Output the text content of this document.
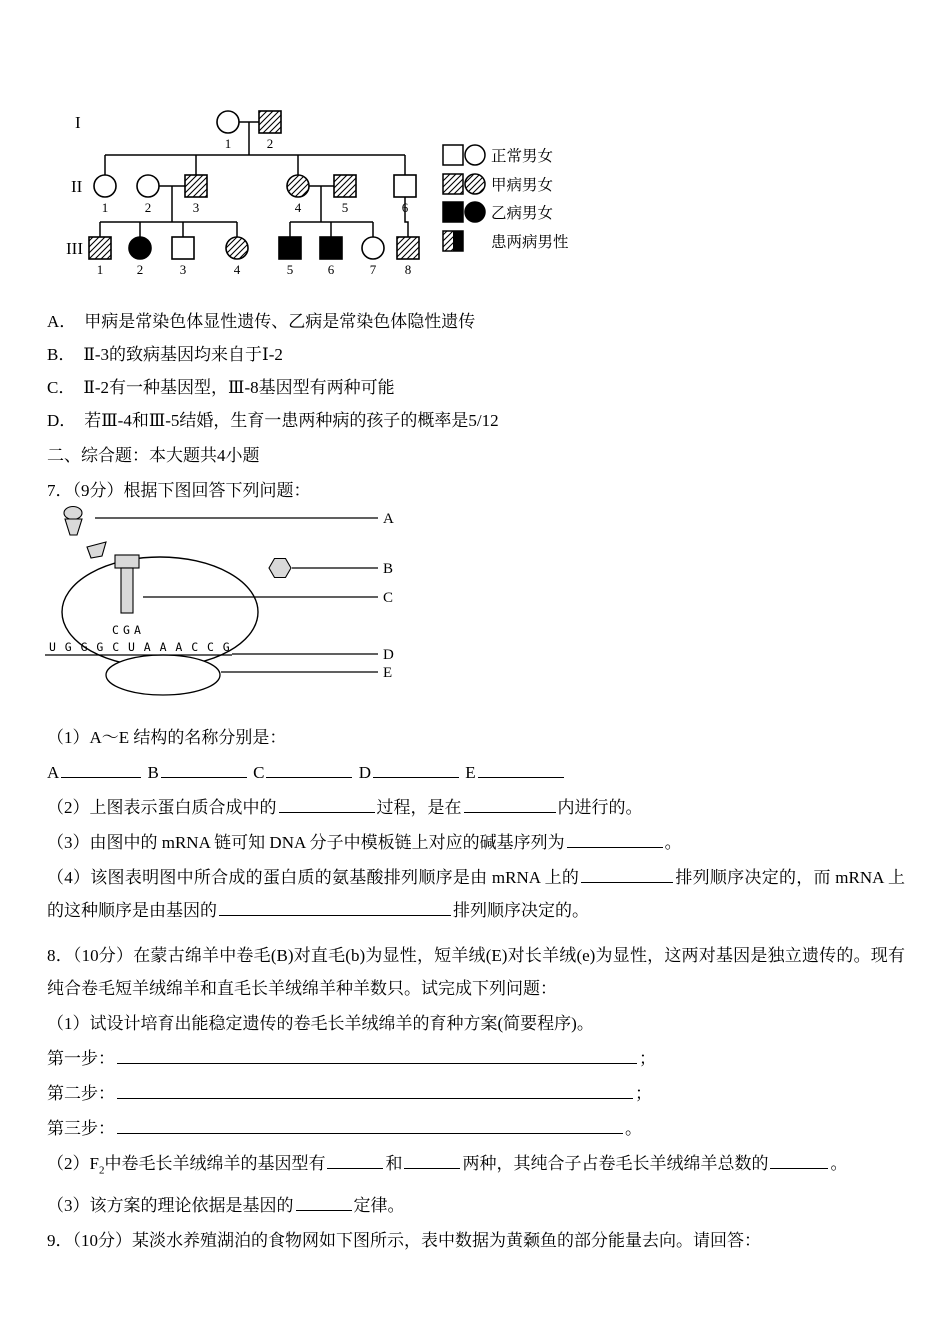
I
II
III
1	2
1	2	3	4	5	6
1	2	3	4	5	6	7 8
正常男女
甲病男女
乙病男女
患两病男性
C G A
U G G G C U A A A C C G
A
B
C
D
E
A． 甲病是常染色体显性遗传、乙病是常染色体隐性遗传
B． Ⅱ-3的致病基因均来自于Ⅰ-2
C． Ⅱ-2有一种基因型，Ⅲ-8基因型有两种可能
D． 若Ⅲ-4和Ⅲ-5结婚，生育一患两种病的孩子的概率是5/12
二、综合题：本大题共4小题
7．（9分）根据下图回答下列问题：
（1）A～E 结构的名称分别是：
A	B	C	D	E
（2）上图表示蛋白质合成中的	过程，是在	内进行的。
（3）由图中的 mRNA 链可知 DNA 分子中模板链上对应的碱基序列为	。
（4）该图表明图中所合成的蛋白质的氨基酸排列顺序是由 mRNA 上的	排列顺序决定的，而 mRNA 上的这种顺序是由基因的	排列顺序决定的。
8．（10分）在蒙古绵羊中卷毛(B)对直毛(b)为显性，短羊绒(E)对长羊绒(e)为显性，这两对基因是独立遗传的。现有纯合卷毛短羊绒绵羊和直毛长羊绒绵羊种羊数只。试完成下列问题：
（1）试设计培育出能稳定遗传的卷毛长羊绒绵羊的育种方案(简要程序)。
第一步：	；
第二步：	；
第三步：	。
$(2)F_2$中卷毛长羊绒绵羊的基因型有	和	两种，其纯合子占卷毛长羊绒绵羊总数的	。
（3）该方案的理论依据是基因的	定律。
9．（10分）某淡水养殖湖泊的食物网如下图所示，表中数据为黄颡鱼的部分能量去向。请回答：
